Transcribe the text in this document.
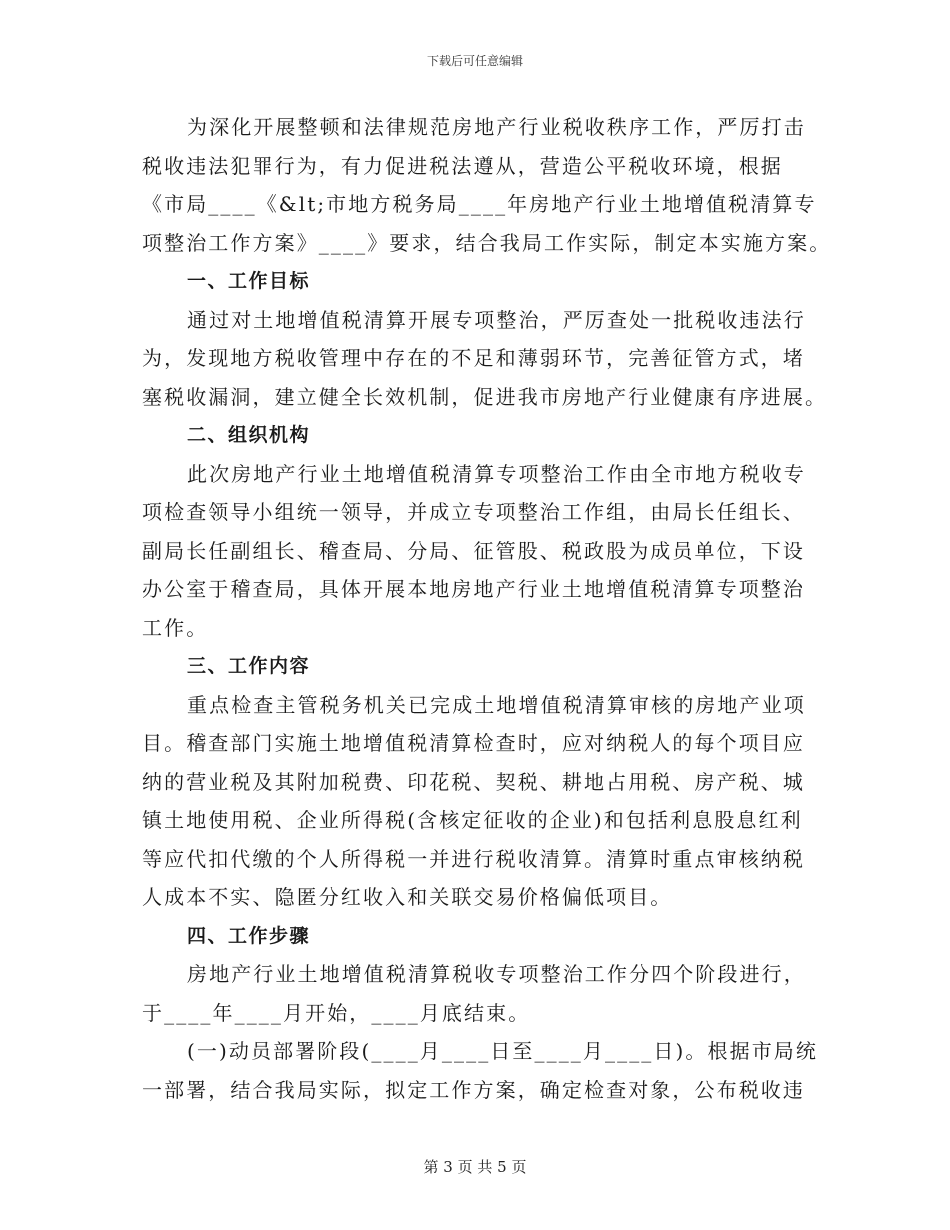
下载后可任意编辑
为深化开展整顿和法律规范房地产行业税收秩序工作，严厉打击
税收违法犯罪行为，有力促进税法遵从，营造公平税收环境，根据
《市局____《&lt;市地方税务局____年房地产行业土地增值税清算专
项整治工作方案》____》要求，结合我局工作实际，制定本实施方案。
一、工作目标
通过对土地增值税清算开展专项整治，严厉查处一批税收违法行
为，发现地方税收管理中存在的不足和薄弱环节，完善征管方式，堵
塞税收漏洞，建立健全长效机制，促进我市房地产行业健康有序进展。
二、组织机构
此次房地产行业土地增值税清算专项整治工作由全市地方税收专
项检查领导小组统一领导，并成立专项整治工作组，由局长任组长、
副局长任副组长、稽查局、分局、征管股、税政股为成员单位，下设
办公室于稽查局，具体开展本地房地产行业土地增值税清算专项整治
工作。
三、工作内容
重点检查主管税务机关已完成土地增值税清算审核的房地产业项
目。稽查部门实施土地增值税清算检查时，应对纳税人的每个项目应
纳的营业税及其附加税费、印花税、契税、耕地占用税、房产税、城
镇土地使用税、企业所得税(含核定征收的企业)和包括利息股息红利
等应代扣代缴的个人所得税一并进行税收清算。清算时重点审核纳税
人成本不实、隐匿分红收入和关联交易价格偏低项目。
四、工作步骤
房地产行业土地增值税清算税收专项整治工作分四个阶段进行，
于____年____月开始，____月底结束。
(一)动员部署阶段(____月____日至____月____日)。根据市局统
一部署，结合我局实际，拟定工作方案，确定检查对象，公布税收违
第 3 页 共 5 页
